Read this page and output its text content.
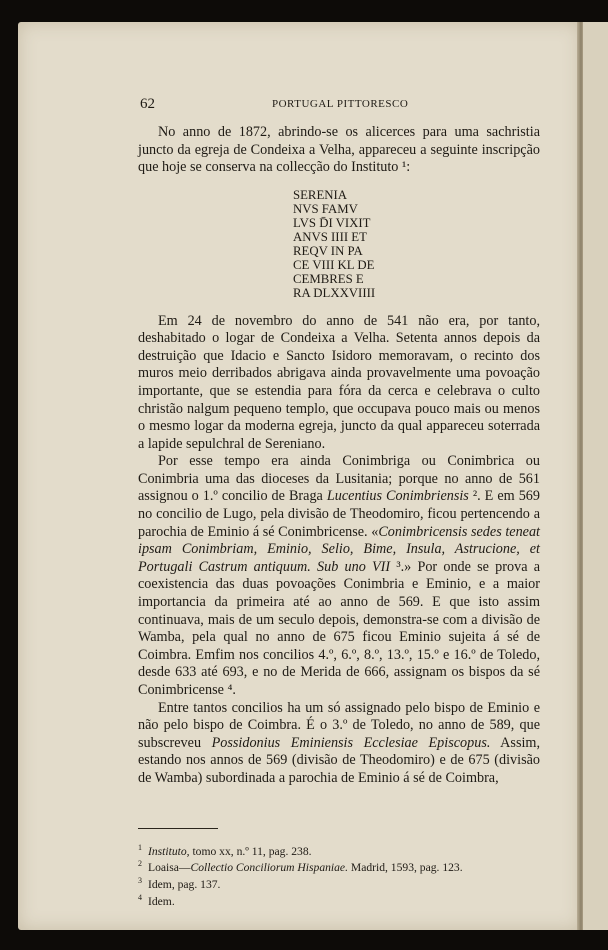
62	PORTUGAL PITTORESCO

No anno de 1872, abrindo-se os alicerces para uma sachristia juncto da egreja de Condeixa a Velha, appareceu a seguinte inscripção que hoje se conserva na collecção do Instituto ¹:

SERENIA
NVS FAMV
LVS D̄I VIXIT
ANVS IIII ET
REQV IN PA
CE VIII KL DE
CEMBRES E
RA DLXXVIIII

Em 24 de novembro do anno de 541 não era, por tanto, deshabitado o logar de Condeixa a Velha. Setenta annos depois da destruição que Idacio e Sancto Isidoro memoravam, o recinto dos muros meio derribados abrigava ainda provavelmente uma povoação importante, que se estendia para fóra da cerca e celebrava o culto christão nalgum pequeno templo, que occupava pouco mais ou menos o mesmo logar da moderna egreja, juncto da qual appareceu soterrada a lapide sepulchral de Sereniano.

Por esse tempo era ainda Conimbriga ou Conimbrica ou Conimbria uma das dioceses da Lusitania; porque no anno de 561 assignou o 1.º concilio de Braga Lucentius Conimbriensis ². E em 569 no concilio de Lugo, pela divisão de Theodomiro, ficou pertencendo a parochia de Eminio á sé Conimbricense. «Conimbricensis sedes teneat ipsam Conimbriam, Eminio, Selio, Bime, Insula, Astrucione, et Portugali Castrum antiquum. Sub uno VII ³.» Por onde se prova a coexistencia das duas povoações Conimbria e Eminio, e a maior importancia da primeira até ao anno de 569. E que isto assim continuava, mais de um seculo depois, demonstra-se com a divisão de Wamba, pela qual no anno de 675 ficou Eminio sujeita á sé de Coimbra. Emfim nos concilios 4.º, 6.º, 8.º, 13.º, 15.º e 16.º de Toledo, desde 633 até 693, e no de Merida de 666, assignam os bispos da sé Conimbricense ⁴.

Entre tantos concilios ha um só assignado pelo bispo de Eminio e não pelo bispo de Coimbra. É o 3.º de Toledo, no anno de 589, que subscreveu Possidonius Eminiensis Ecclesiae Episcopus. Assim, estando nos annos de 569 (divisão de Theodomiro) e de 675 (divisão de Wamba) subordinada a parochia de Eminio á sé de Coimbra,

$^1$ Instituto, tomo xx, n.º 11, pag. 238.
$^2$ Loaisa—Collectio Conciliorum Hispaniae. Madrid, 1593, pag. 123.
$^3$ Idem, pag. 137.
$^4$ Idem.
